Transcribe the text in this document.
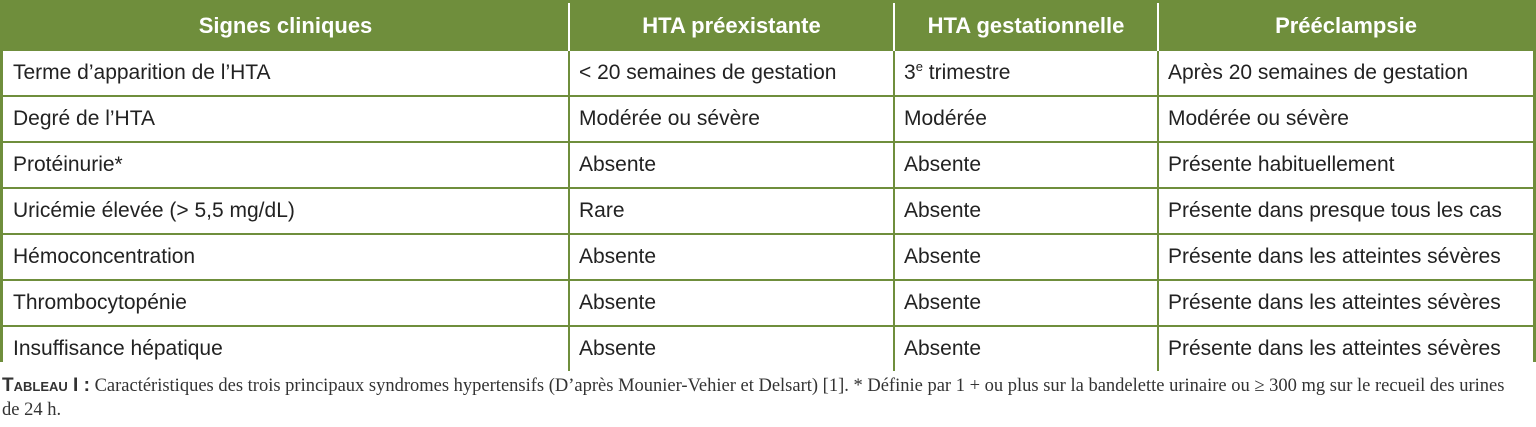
Signes cliniques	HTA préexistante	HTA gestationnelle	Prééclampsie
Terme d’apparition de l’HTA	< 20 semaines de gestation	3e trimestre	Après 20 semaines de gestation
Degré de l’HTA	Modérée ou sévère	Modérée	Modérée ou sévère
Protéinurie*	Absente	Absente	Présente habituellement
Uricémie élevée (> 5,5 mg/dL)	Rare	Absente	Présente dans presque tous les cas
Hémoconcentration	Absente	Absente	Présente dans les atteintes sévères
Thrombocytopénie	Absente	Absente	Présente dans les atteintes sévères
Insuffisance hépatique	Absente	Absente	Présente dans les atteintes sévères
Tableau I : Caractéristiques des trois principaux syndromes hypertensifs (D’après Mounier-Vehier et Delsart) [1]. * Définie par 1 + ou plus sur la bandelette urinaire ou ≥ 300 mg sur le recueil des urines de 24 h.
